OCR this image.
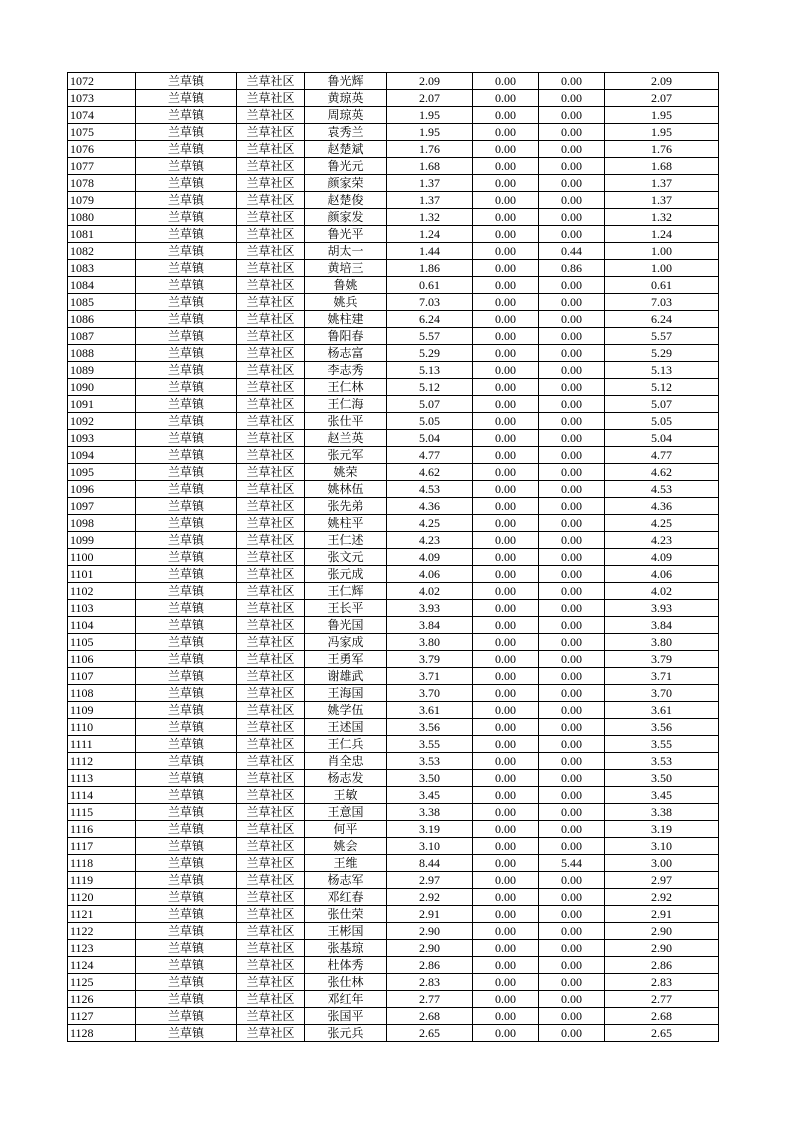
1072	兰草镇	兰草社区	鲁光辉	2.09	0.00	0.00	2.09
1073	兰草镇	兰草社区	黄琼英	2.07	0.00	0.00	2.07
1074	兰草镇	兰草社区	周琼英	1.95	0.00	0.00	1.95
1075	兰草镇	兰草社区	袁秀兰	1.95	0.00	0.00	1.95
1076	兰草镇	兰草社区	赵楚斌	1.76	0.00	0.00	1.76
1077	兰草镇	兰草社区	鲁光元	1.68	0.00	0.00	1.68
1078	兰草镇	兰草社区	颜家荣	1.37	0.00	0.00	1.37
1079	兰草镇	兰草社区	赵楚俊	1.37	0.00	0.00	1.37
1080	兰草镇	兰草社区	颜家发	1.32	0.00	0.00	1.32
1081	兰草镇	兰草社区	鲁光平	1.24	0.00	0.00	1.24
1082	兰草镇	兰草社区	胡太一	1.44	0.00	0.44	1.00
1083	兰草镇	兰草社区	黄培三	1.86	0.00	0.86	1.00
1084	兰草镇	兰草社区	鲁姚	0.61	0.00	0.00	0.61
1085	兰草镇	兰草社区	姚兵	7.03	0.00	0.00	7.03
1086	兰草镇	兰草社区	姚柱建	6.24	0.00	0.00	6.24
1087	兰草镇	兰草社区	鲁阳春	5.57	0.00	0.00	5.57
1088	兰草镇	兰草社区	杨志富	5.29	0.00	0.00	5.29
1089	兰草镇	兰草社区	李志秀	5.13	0.00	0.00	5.13
1090	兰草镇	兰草社区	王仁林	5.12	0.00	0.00	5.12
1091	兰草镇	兰草社区	王仁海	5.07	0.00	0.00	5.07
1092	兰草镇	兰草社区	张仕平	5.05	0.00	0.00	5.05
1093	兰草镇	兰草社区	赵兰英	5.04	0.00	0.00	5.04
1094	兰草镇	兰草社区	张元军	4.77	0.00	0.00	4.77
1095	兰草镇	兰草社区	姚荣	4.62	0.00	0.00	4.62
1096	兰草镇	兰草社区	姚林伍	4.53	0.00	0.00	4.53
1097	兰草镇	兰草社区	张先弟	4.36	0.00	0.00	4.36
1098	兰草镇	兰草社区	姚柱平	4.25	0.00	0.00	4.25
1099	兰草镇	兰草社区	王仁述	4.23	0.00	0.00	4.23
1100	兰草镇	兰草社区	张文元	4.09	0.00	0.00	4.09
1101	兰草镇	兰草社区	张元成	4.06	0.00	0.00	4.06
1102	兰草镇	兰草社区	王仁辉	4.02	0.00	0.00	4.02
1103	兰草镇	兰草社区	王长平	3.93	0.00	0.00	3.93
1104	兰草镇	兰草社区	鲁光国	3.84	0.00	0.00	3.84
1105	兰草镇	兰草社区	冯家成	3.80	0.00	0.00	3.80
1106	兰草镇	兰草社区	王勇军	3.79	0.00	0.00	3.79
1107	兰草镇	兰草社区	谢雄武	3.71	0.00	0.00	3.71
1108	兰草镇	兰草社区	王海国	3.70	0.00	0.00	3.70
1109	兰草镇	兰草社区	姚学伍	3.61	0.00	0.00	3.61
1110	兰草镇	兰草社区	王述国	3.56	0.00	0.00	3.56
1111	兰草镇	兰草社区	王仁兵	3.55	0.00	0.00	3.55
1112	兰草镇	兰草社区	肖全忠	3.53	0.00	0.00	3.53
1113	兰草镇	兰草社区	杨志发	3.50	0.00	0.00	3.50
1114	兰草镇	兰草社区	王敏	3.45	0.00	0.00	3.45
1115	兰草镇	兰草社区	王意国	3.38	0.00	0.00	3.38
1116	兰草镇	兰草社区	何平	3.19	0.00	0.00	3.19
1117	兰草镇	兰草社区	姚会	3.10	0.00	0.00	3.10
1118	兰草镇	兰草社区	王维	8.44	0.00	5.44	3.00
1119	兰草镇	兰草社区	杨志军	2.97	0.00	0.00	2.97
1120	兰草镇	兰草社区	邓红春	2.92	0.00	0.00	2.92
1121	兰草镇	兰草社区	张仕荣	2.91	0.00	0.00	2.91
1122	兰草镇	兰草社区	王彬国	2.90	0.00	0.00	2.90
1123	兰草镇	兰草社区	张基琼	2.90	0.00	0.00	2.90
1124	兰草镇	兰草社区	杜体秀	2.86	0.00	0.00	2.86
1125	兰草镇	兰草社区	张仕林	2.83	0.00	0.00	2.83
1126	兰草镇	兰草社区	邓红年	2.77	0.00	0.00	2.77
1127	兰草镇	兰草社区	张国平	2.68	0.00	0.00	2.68
1128	兰草镇	兰草社区	张元兵	2.65	0.00	0.00	2.65
